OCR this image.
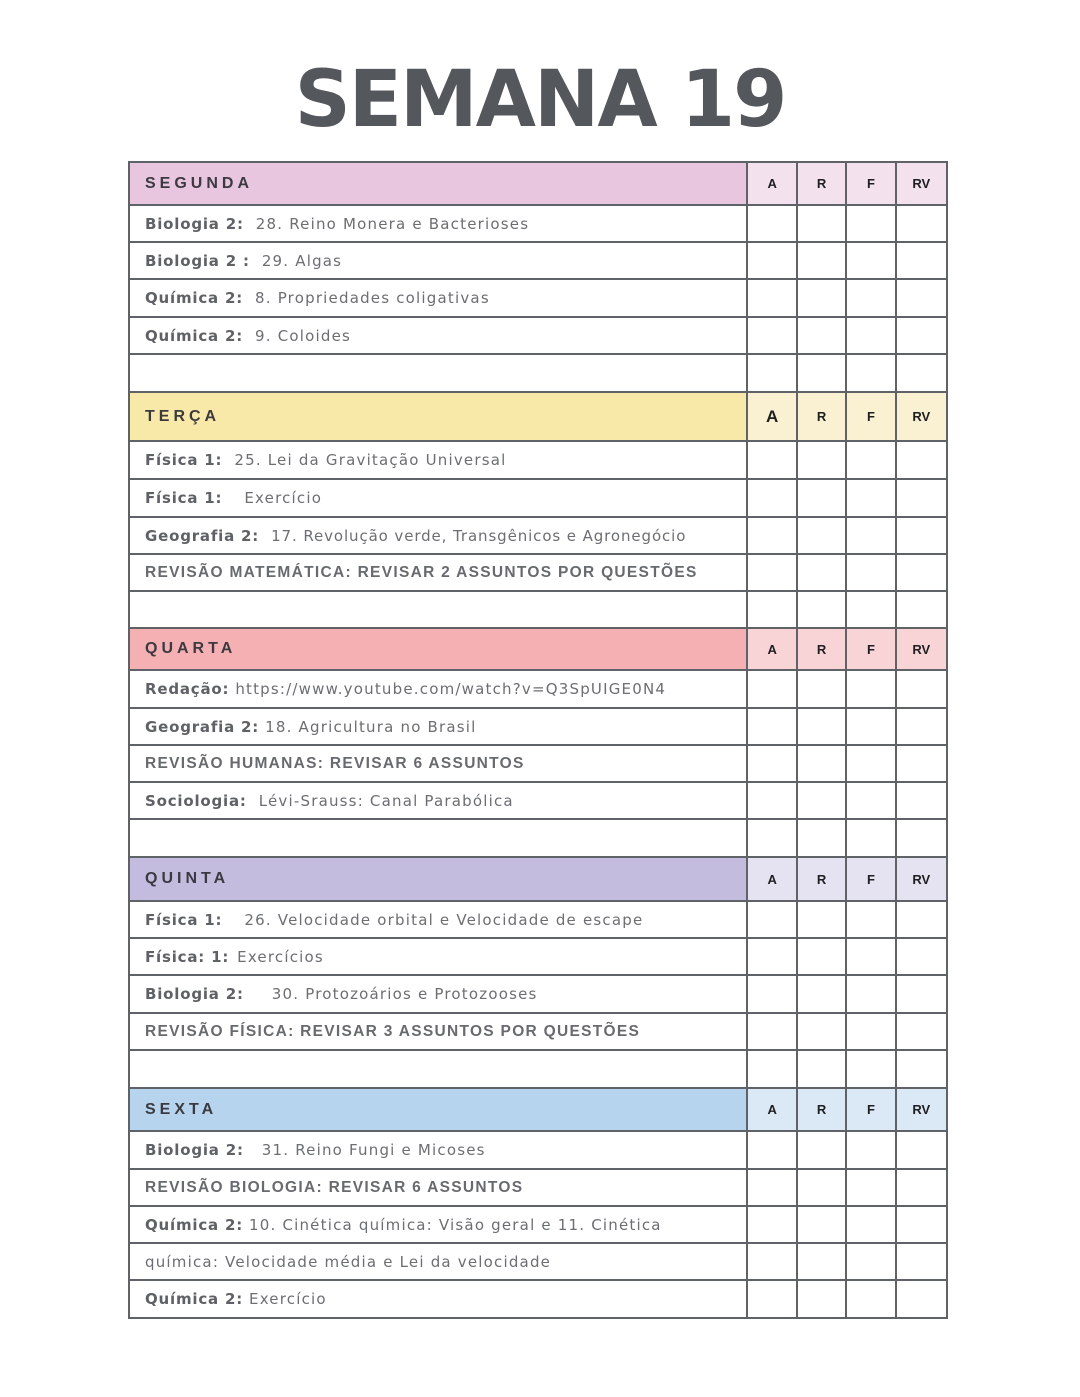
SEMANA 19
SEGUNDA	A	R	F	RV
Biologia 2: 28. Reino Monera e Bacterioses
Biologia 2 : 29. Algas
Química 2: 8. Propriedades coligativas
Química 2: 9. Coloides
TERÇA	A	R	F	RV
Física 1: 25. Lei da Gravitação Universal
Física 1: Exercício
Geografia 2: 17. Revolução verde, Transgênicos e Agronegócio
REVISÃO MATEMÁTICA: REVISAR 2 ASSUNTOS POR QUESTÕES
QUARTA	A	R	F	RV
Redação: https://www.youtube.com/watch?v=Q3SpUIGE0N4
Geografia 2: 18. Agricultura no Brasil
REVISÃO HUMANAS: REVISAR 6 ASSUNTOS
Sociologia: Lévi-Srauss: Canal Parabólica
QUINTA	A	R	F	RV
Física 1: 26. Velocidade orbital e Velocidade de escape
Física: 1: Exercícios
Biologia 2: 30. Protozoários e Protozooses
REVISÃO FÍSICA: REVISAR 3 ASSUNTOS POR QUESTÕES
SEXTA	A	R	F	RV
Biologia 2: 31. Reino Fungi e Micoses
REVISÃO BIOLOGIA: REVISAR 6 ASSUNTOS
Química 2: 10. Cinética química: Visão geral e 11. Cinética
química: Velocidade média e Lei da velocidade
Química 2: Exercício
